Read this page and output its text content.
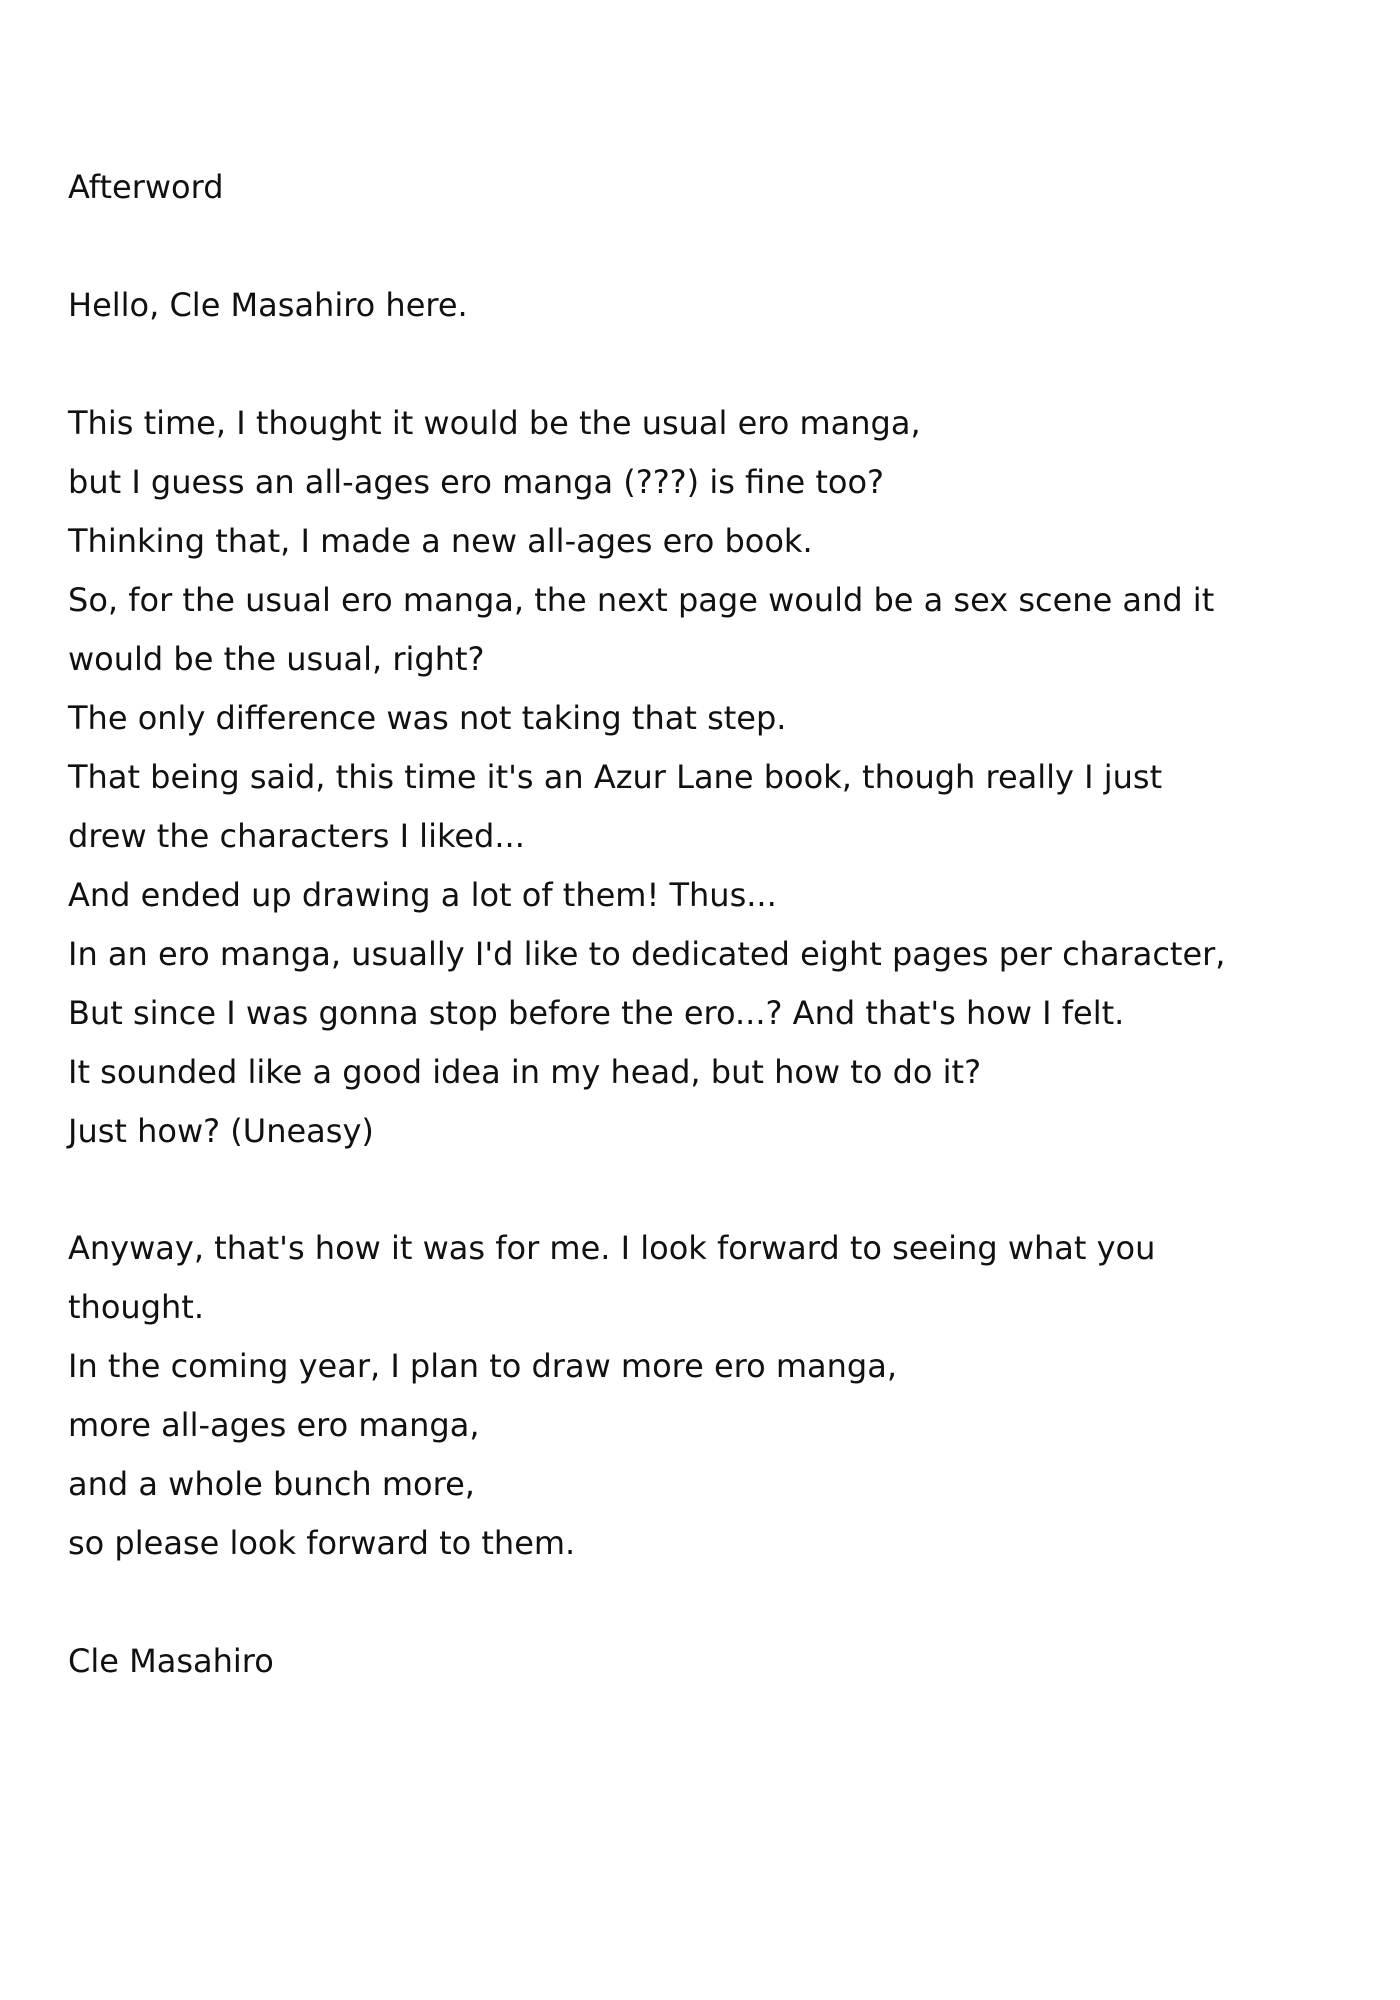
Afterword
Hello, Cle Masahiro here.
This time, I thought it would be the usual ero manga,
but I guess an all-ages ero manga (???) is fine too?
Thinking that, I made a new all-ages ero book.
So, for the usual ero manga, the next page would be a sex scene and it
would be the usual, right?
The only difference was not taking that step.
That being said, this time it's an Azur Lane book, though really I just
drew the characters I liked...
And ended up drawing a lot of them! Thus...
In an ero manga, usually I'd like to dedicated eight pages per character,
But since I was gonna stop before the ero...? And that's how I felt.
It sounded like a good idea in my head, but how to do it?
Just how? (Uneasy)
Anyway, that's how it was for me. I look forward to seeing what you
thought.
In the coming year, I plan to draw more ero manga,
more all-ages ero manga,
and a whole bunch more,
so please look forward to them.
Cle Masahiro
